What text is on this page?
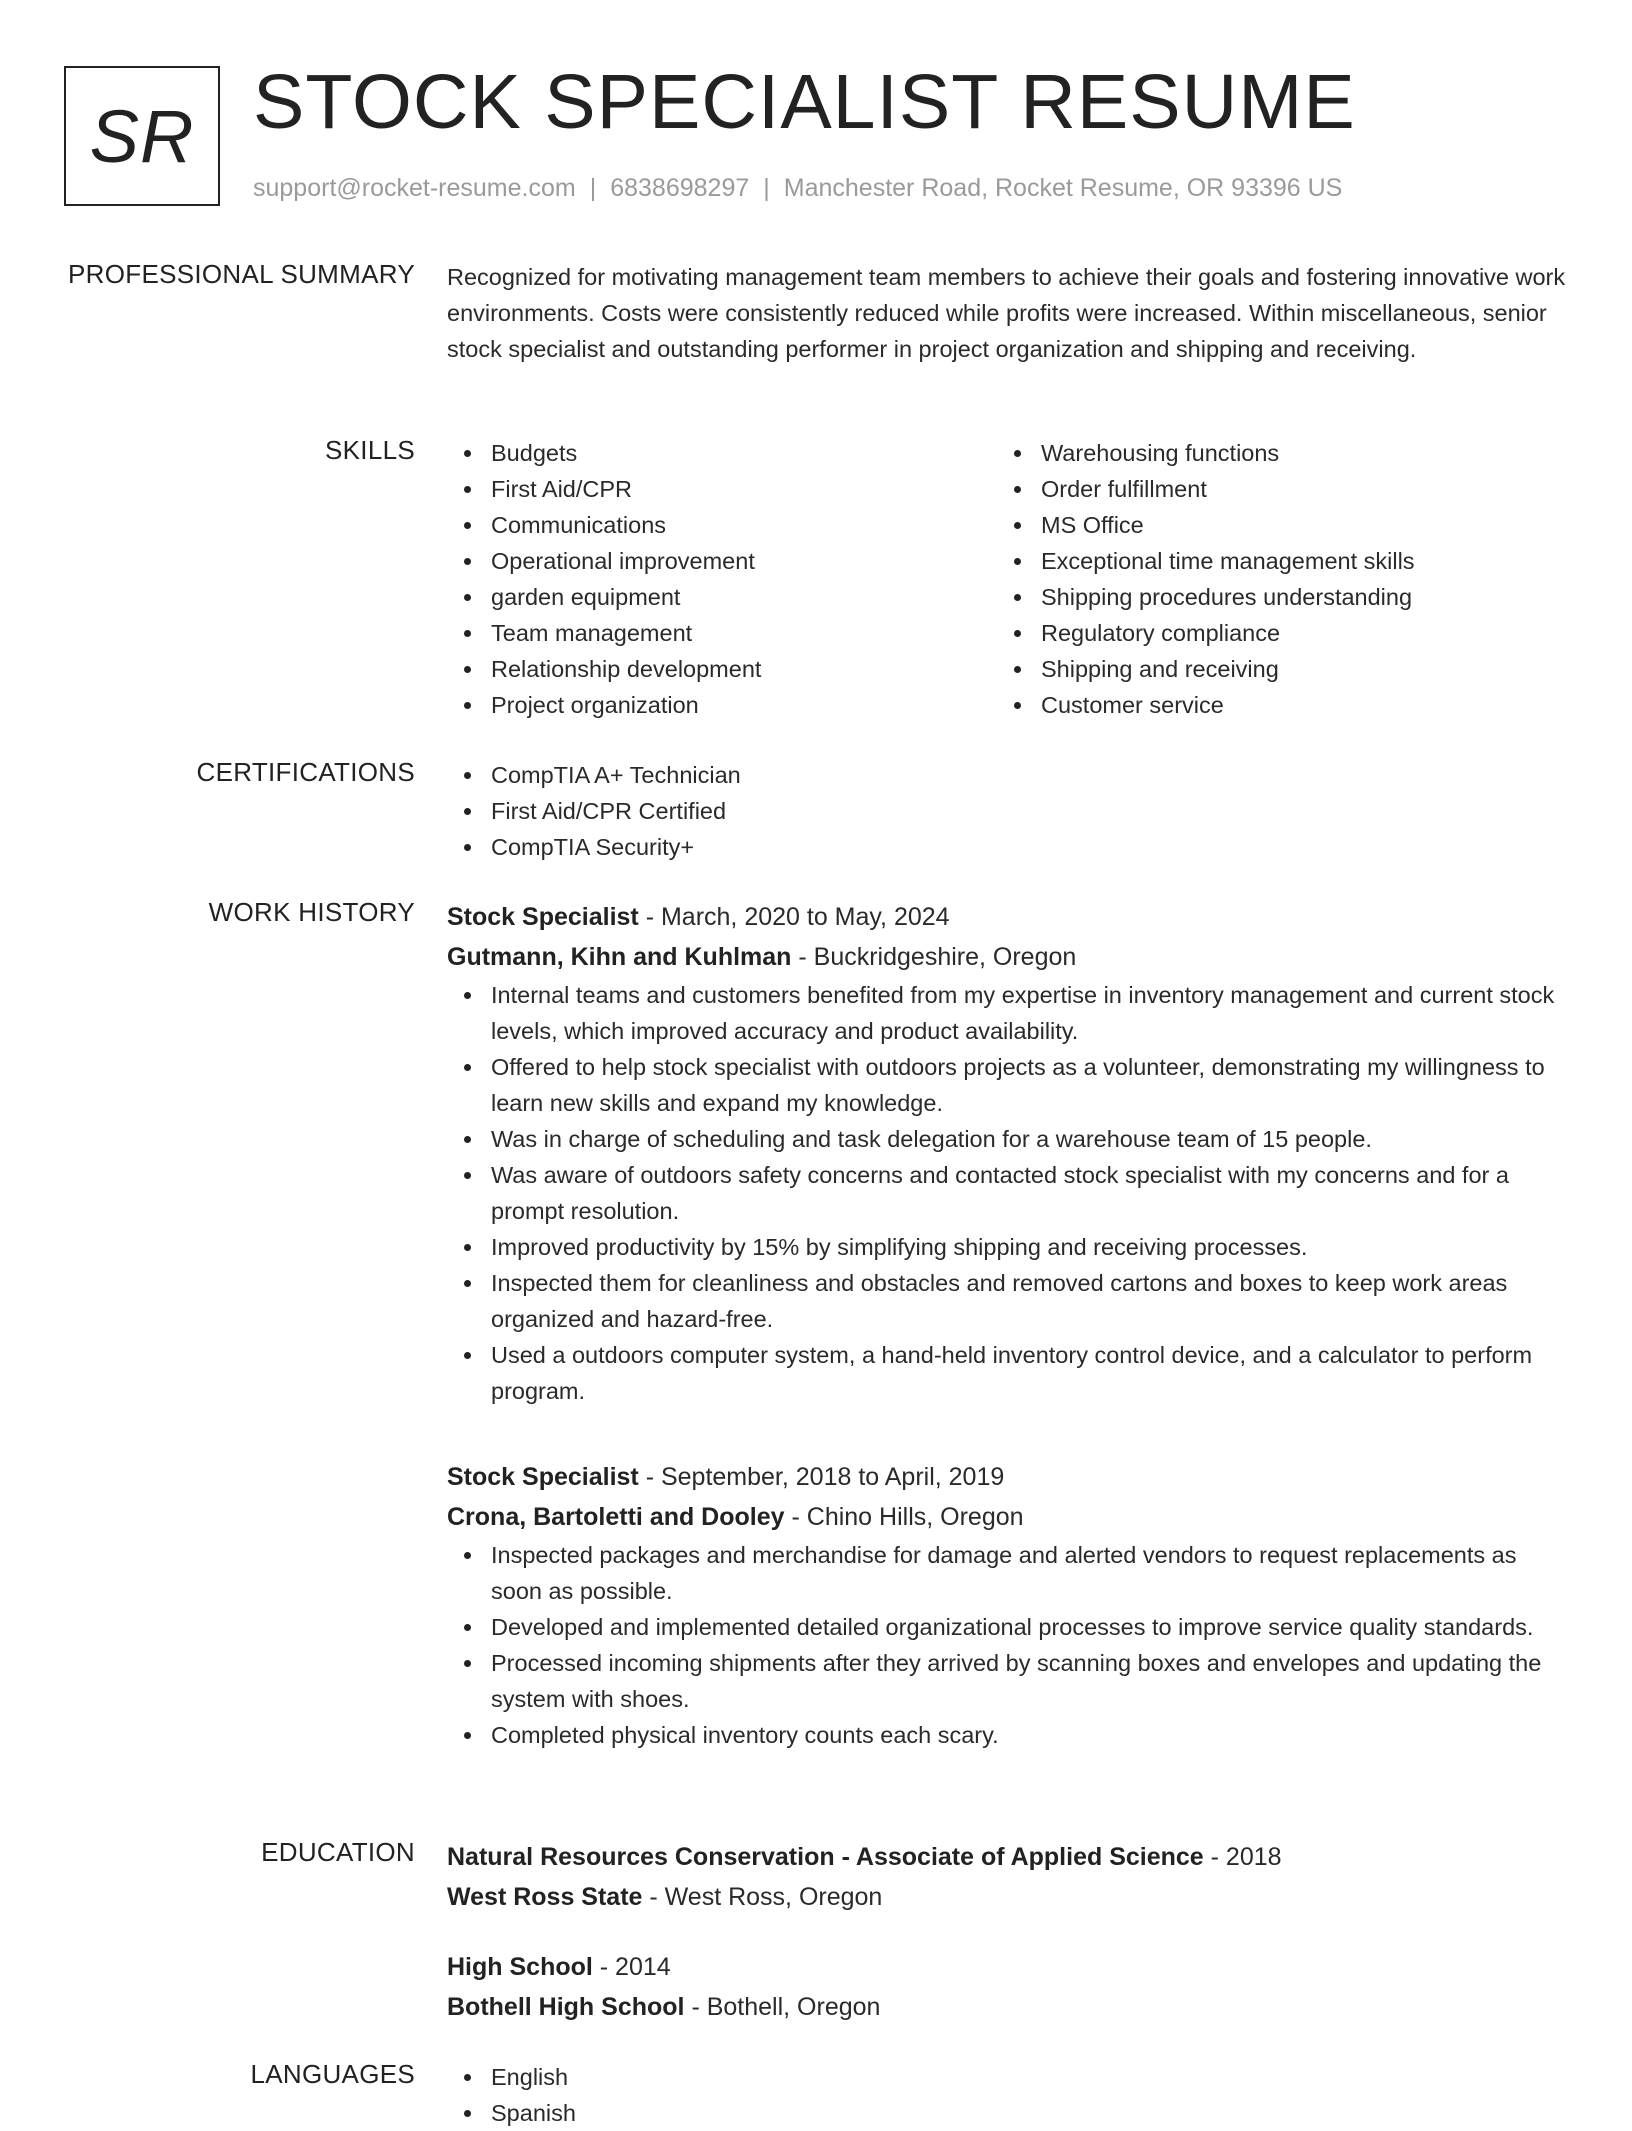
SR STOCK SPECIALIST RESUME
support@rocket-resume.com | 6838698297 | Manchester Road, Rocket Resume, OR 93396 US
PROFESSIONAL SUMMARY Recognized for motivating management team members to achieve their goals and fostering innovative work environments. Costs were consistently reduced while profits were increased. Within miscellaneous, senior stock specialist and outstanding performer in project organization and shipping and receiving.

SKILLS	Budgets
First Aid/CPR
Communications
Operational improvement
garden equipment
Team management
Relationship development
Project organization
Warehousing functions
Order fulfillment
MS Office
Exceptional time management skills
Shipping procedures understanding
Regulatory compliance
Shipping and receiving
Customer service
CERTIFICATIONS	CompTIA A+ Technician
First Aid/CPR Certified
CompTIA Security+
WORK HISTORY Stock Specialist - March, 2020 to May, 2024
Gutmann, Kihn and Kuhlman - Buckridgeshire, Oregon
Internal teams and customers benefited from my expertise in inventory management and current stock levels, which improved accuracy and product availability.
Offered to help stock specialist with outdoors projects as a volunteer, demonstrating my willingness to learn new skills and expand my knowledge.
Was in charge of scheduling and task delegation for a warehouse team of 15 people.
Was aware of outdoors safety concerns and contacted stock specialist with my concerns and for a prompt resolution.
Improved productivity by 15% by simplifying shipping and receiving processes.
Inspected them for cleanliness and obstacles and removed cartons and boxes to keep work areas organized and hazard-free.
Used a outdoors computer system, a hand-held inventory control device, and a calculator to perform program.
Stock Specialist - September, 2018 to April, 2019
Crona, Bartoletti and Dooley - Chino Hills, Oregon
Inspected packages and merchandise for damage and alerted vendors to request replacements as soon as possible.
Developed and implemented detailed organizational processes to improve service quality standards.
Processed incoming shipments after they arrived by scanning boxes and envelopes and updating the system with shoes.
Completed physical inventory counts each scary.
EDUCATION Natural Resources Conservation - Associate of Applied Science - 2018
West Ross State - West Ross, Oregon
High School - 2014
Bothell High School - Bothell, Oregon
LANGUAGES	English
Spanish
